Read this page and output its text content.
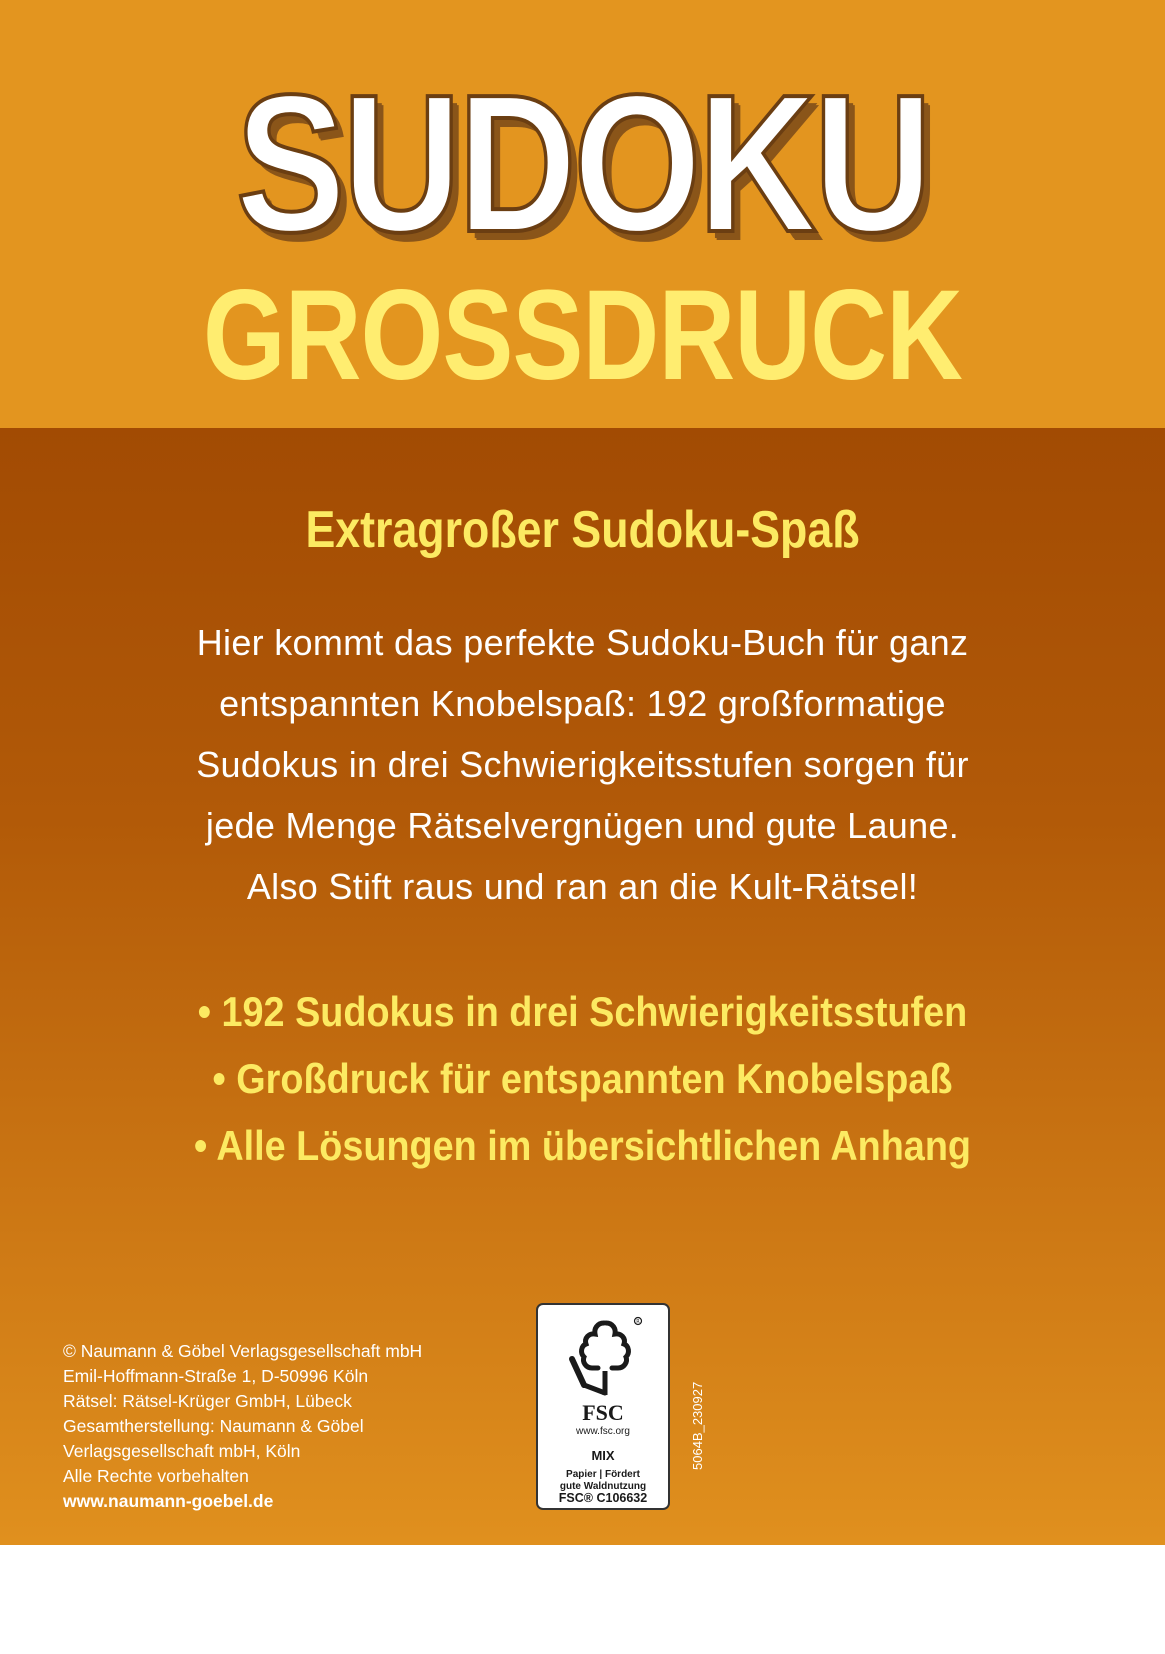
SUDOKU
GROSSDRUCK
Extragroßer Sudoku-Spaß
Hier kommt das perfekte Sudoku-Buch für ganz
entspannten Knobelspaß: 192 großformatige
Sudokus in drei Schwierigkeitsstufen sorgen für
jede Menge Rätselvergnügen und gute Laune.
Also Stift raus und ran an die Kult-Rätsel!
• 192 Sudokus in drei Schwierigkeitsstufen
• Großdruck für entspannten Knobelspaß
• Alle Lösungen im übersichtlichen Anhang
© Naumann & Göbel Verlagsgesellschaft mbH
Emil-Hoffmann-Straße 1, D-50996 Köln
Rätsel: Rätsel-Krüger GmbH, Lübeck
Gesamtherstellung: Naumann & Göbel
Verlagsgesellschaft mbH, Köln
Alle Rechte vorbehalten
www.naumann-goebel.de
R
FSC
www.fsc.org
MIX
Papier | Fördert
gute Waldnutzung
FSC® C106632
5064B_230927
